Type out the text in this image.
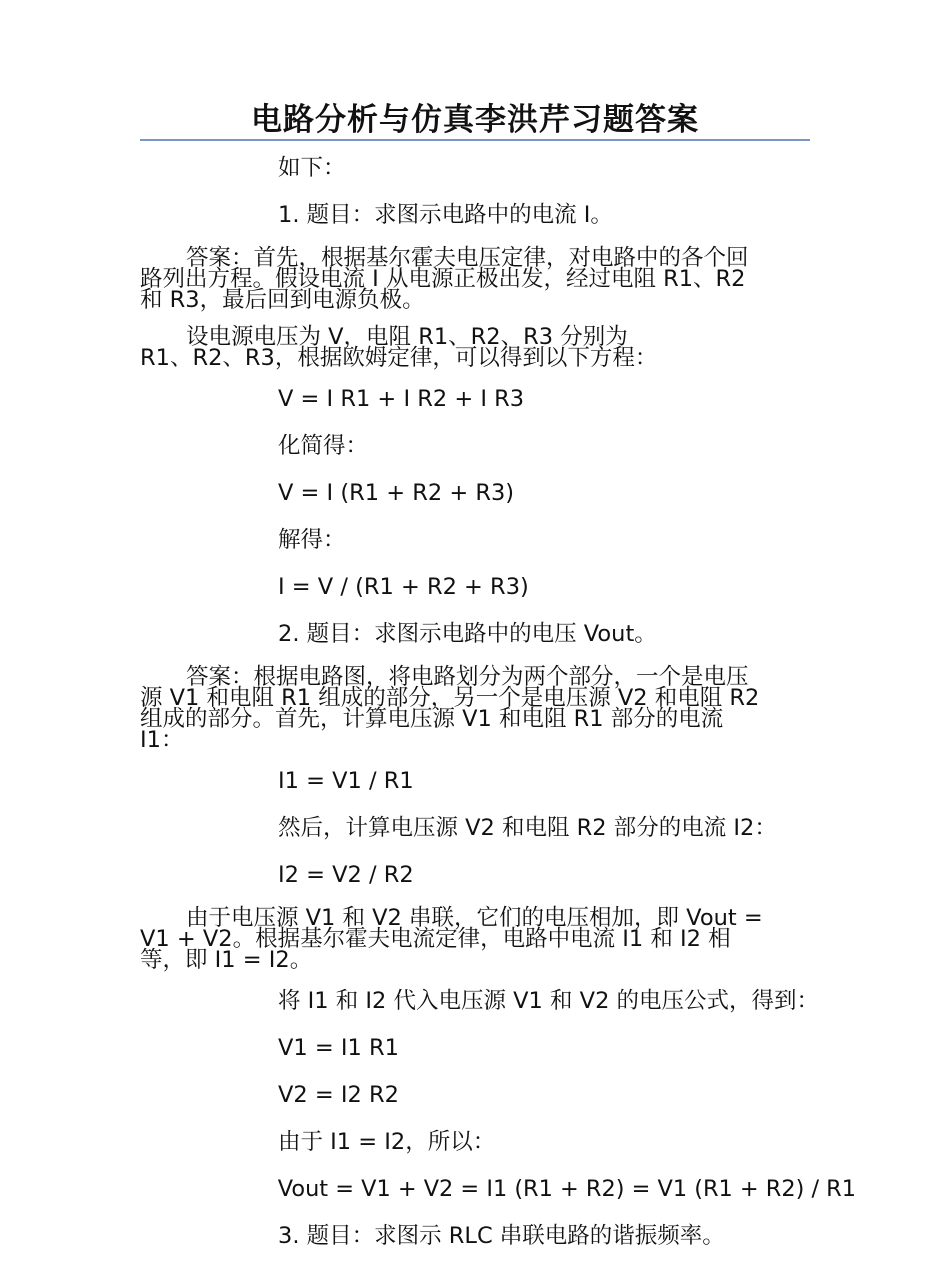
电路分析与仿真李洪芹习题答案
如下：
1. 题目：求图示电路中的电流 I。
答案：首先，根据基尔霍夫电压定律，对电路中的各个回
路列出方程。假设电流 I 从电源正极出发，经过电阻 R1、R2
和 R3，最后回到电源负极。
设电源电压为 V，电阻 R1、R2、R3 分别为
R1、R2、R3，根据欧姆定律，可以得到以下方程：
V = I R1 + I R2 + I R3
化简得：
V = I (R1 + R2 + R3)
解得：
I = V / (R1 + R2 + R3)
2. 题目：求图示电路中的电压 Vout。
答案：根据电路图，将电路划分为两个部分，一个是电压
源 V1 和电阻 R1 组成的部分，另一个是电压源 V2 和电阻 R2
组成的部分。首先，计算电压源 V1 和电阻 R1 部分的电流
I1：
I1 = V1 / R1
然后，计算电压源 V2 和电阻 R2 部分的电流 I2：
I2 = V2 / R2
由于电压源 V1 和 V2 串联，它们的电压相加，即 Vout =
V1 + V2。根据基尔霍夫电流定律，电路中电流 I1 和 I2 相
等，即 I1 = I2。
将 I1 和 I2 代入电压源 V1 和 V2 的电压公式，得到：
V1 = I1 R1
V2 = I2 R2
由于 I1 = I2，所以：
Vout = V1 + V2 = I1 (R1 + R2) = V1 (R1 + R2) / R1
3. 题目：求图示 RLC 串联电路的谐振频率。
